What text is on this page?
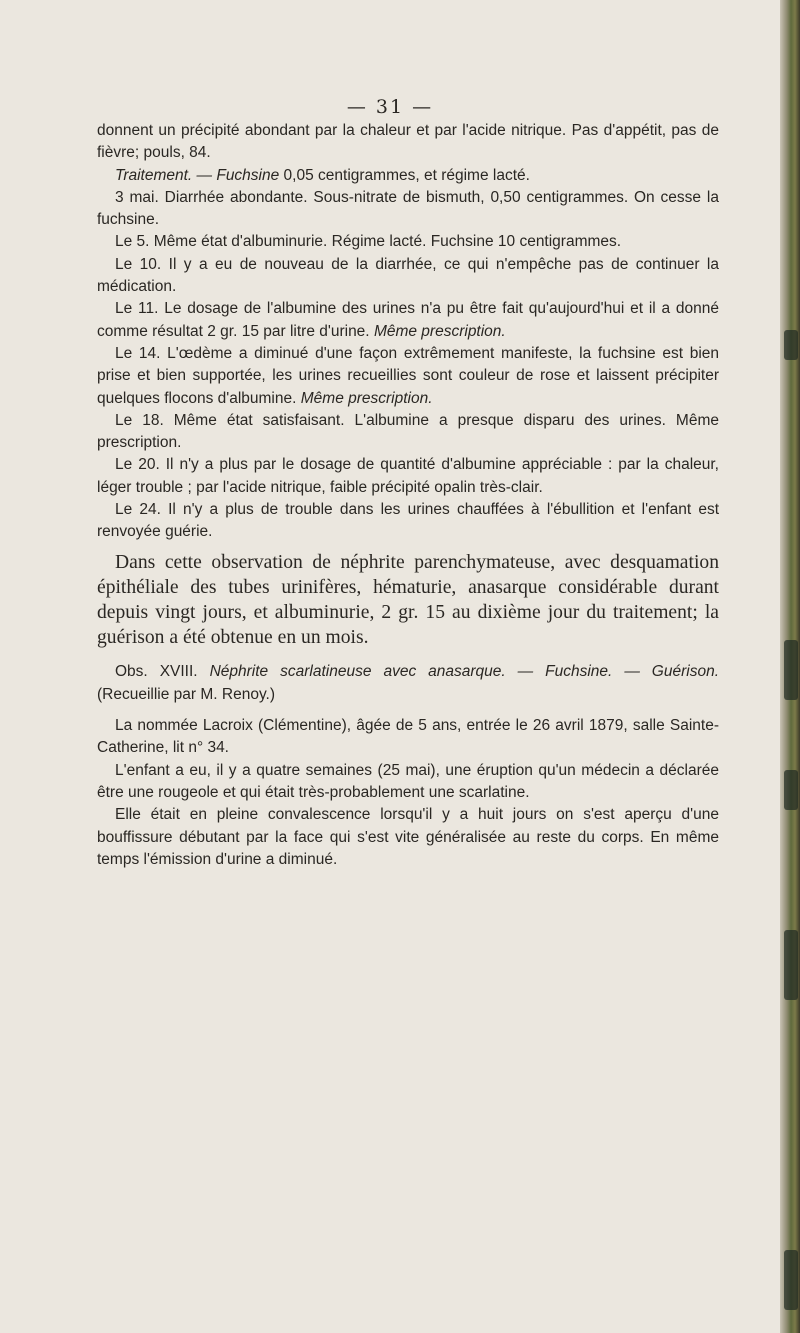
— 31 —

donnent un précipité abondant par la chaleur et par l'acide nitrique. Pas d'appétit, pas de fièvre; pouls, 84.

Traitement. — Fuchsine 0,05 centigrammes, et régime lacté.

3 mai. Diarrhée abondante. Sous-nitrate de bismuth, 0,50 centigrammes. On cesse la fuchsine.

Le 5. Même état d'albuminurie. Régime lacté. Fuchsine 10 centigrammes.

Le 10. Il y a eu de nouveau de la diarrhée, ce qui n'empêche pas de continuer la médication.

Le 11. Le dosage de l'albumine des urines n'a pu être fait qu'aujourd'hui et il a donné comme résultat 2 gr. 15 par litre d'urine. Même prescription.

Le 14. L'œdème a diminué d'une façon extrêmement manifeste, la fuchsine est bien prise et bien supportée, les urines recueillies sont couleur de rose et laissent précipiter quelques flocons d'albumine. Même prescription.

Le 18. Même état satisfaisant. L'albumine a presque disparu des urines. Même prescription.

Le 20. Il n'y a plus par le dosage de quantité d'albumine appréciable : par la chaleur, léger trouble ; par l'acide nitrique, faible précipité opalin très-clair.

Le 24. Il n'y a plus de trouble dans les urines chauffées à l'ébullition et l'enfant est renvoyée guérie.

Dans cette observation de néphrite parenchymateuse, avec desquamation épithéliale des tubes urinifères, hématurie, anasarque considérable durant depuis vingt jours, et albuminurie, 2 gr. 15 au dixième jour du traitement; la guérison a été obtenue en un mois.

Obs. XVIII. Néphrite scarlatineuse avec anasarque. — Fuchsine. — Guérison. (Recueillie par M. Renoy.)

La nommée Lacroix (Clémentine), âgée de 5 ans, entrée le 26 avril 1879, salle Sainte-Catherine, lit n° 34.

L'enfant a eu, il y a quatre semaines (25 mai), une éruption qu'un médecin a déclarée être une rougeole et qui était très-probablement une scarlatine.

Elle était en pleine convalescence lorsqu'il y a huit jours on s'est aperçu d'une bouffissure débutant par la face qui s'est vite généralisée au reste du corps. En même temps l'émission d'urine a diminué.
